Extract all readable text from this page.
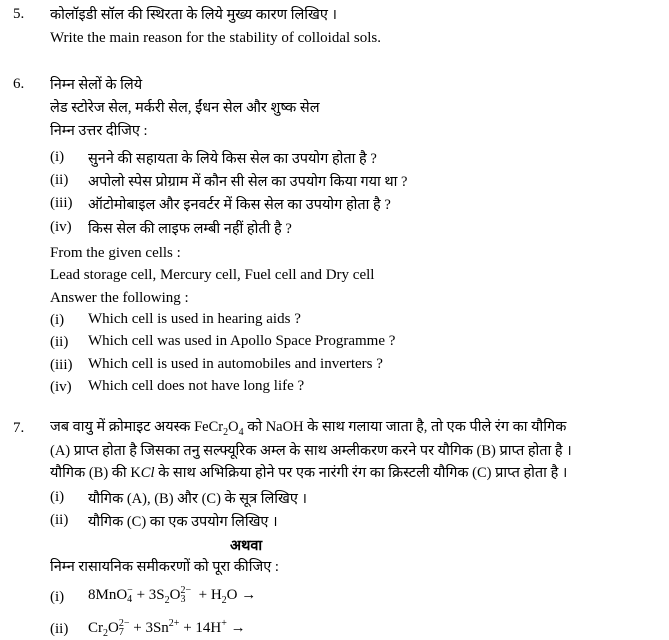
5. कोलॉइडी सॉल की स्थिरता के लिये मुख्य कारण लिखिए ।
Write the main reason for the stability of colloidal sols.
6. निम्न सेलों के लिये
लेड स्टोरेज सेल, मर्करी सेल, ईंधन सेल और शुष्क सेल
निम्न उत्तर दीजिए :
(i) सुनने की सहायता के लिये किस सेल का उपयोग होता है ?
(ii) अपोलो स्पेस प्रोग्राम में कौन सी सेल का उपयोग किया गया था ?
(iii) ऑटोमोबाइल और इनवर्टर में किस सेल का उपयोग होता है ?
(iv) किस सेल की लाइफ लम्बी नहीं होती है ?
From the given cells :
Lead storage cell, Mercury cell, Fuel cell and Dry cell
Answer the following :
(i) Which cell is used in hearing aids ?
(ii) Which cell was used in Apollo Space Programme ?
(iii) Which cell is used in automobiles and inverters ?
(iv) Which cell does not have long life ?
7. जब वायु में क्रोमाइट अयस्क $FeCr_2O_4$ को NaOH के साथ गलाया जाता है, तो एक पीले रंग का यौगिक
(A) प्राप्त होता है जिसका तनु सल्फ्यूरिक अम्ल के साथ अम्लीकरण करने पर यौगिक (B) प्राप्त होता है ।
यौगिक (B) की KCl के साथ अभिक्रिया होने पर एक नारंगी रंग का क्रिस्टली यौगिक (C) प्राप्त होता है ।
(i) यौगिक (A), (B) और (C) के सूत्र लिखिए ।
(ii) यौगिक (C) का एक उपयोग लिखिए ।
अथवा
निम्न रासायनिक समीकरणों को पूरा कीजिए :
(i) 8MnO −
$4 + 3S_2O$ 2−
$3 + H_2O$ →
(ii) $Cr_2O$ 2−
$7 + 3Sn^{2+} + 14H^+$ →
